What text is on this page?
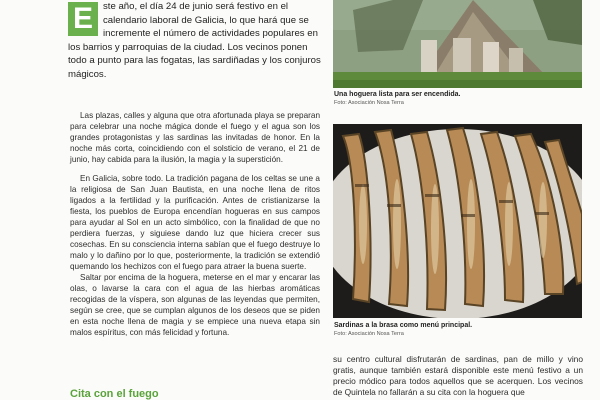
E	ste año, el día 24 de junio será festivo en el calendario laboral de Galicia, lo que hará que se incremente el número de actividades populares en los barrios y parroquias de la ciudad. Los vecinos ponen todo a punto para las fogatas, las sardiñadas y los conjuros mágicos.

Las plazas, calles y alguna que otra afortunada playa se preparan para celebrar una noche mágica donde el fuego y el agua son los grandes protagonistas y las sardinas las invitadas de honor. En la noche más corta, coincidiendo con el solsticio de verano, el 21 de junio, hay cabida para la ilusión, la magia y la superstición.

En Galicia, sobre todo. La tradición pagana de los celtas se une a la religiosa de San Juan Bautista, en una noche llena de ritos ligados a la fertilidad y la purificación. Antes de cristianizarse la fiesta, los pueblos de Europa encendían hogueras en sus campos para ayudar al Sol en un acto simbólico, con la finalidad de que no perdiera fuerzas, y siguiese dando luz que hiciera crecer sus cosechas. En su consciencia interna sabían que el fuego destruye lo malo y lo dañino por lo que, posteriormente, la tradición se extendió quemando los hechizos con el fuego para atraer la buena suerte.

Saltar por encima de la hoguera, meterse en el mar y encarar las olas, o lavarse la cara con el agua de las hierbas aromáticas recogidas de la víspera, son algunas de las leyendas que permiten, según se cree, que se cumplan algunos de los deseos que se piden en esta noche llena de magia y se empiece una nueva etapa sin malos espíritus, con más felicidad y fortuna.

Cita con el fuego
Una hoguera lista para ser encendida.
Foto: Asociación Nosa Terra
Sardinas a la brasa como menú principal.
Foto: Asociación Nosa Terra
su centro cultural disfrutarán de sardinas, pan de millo y vino gratis, aunque también estará disponible este menú festivo a un precio módico para todos aquellos que se acerquen. Los vecinos de Quintela no fallarán a su cita con la hoguera que
